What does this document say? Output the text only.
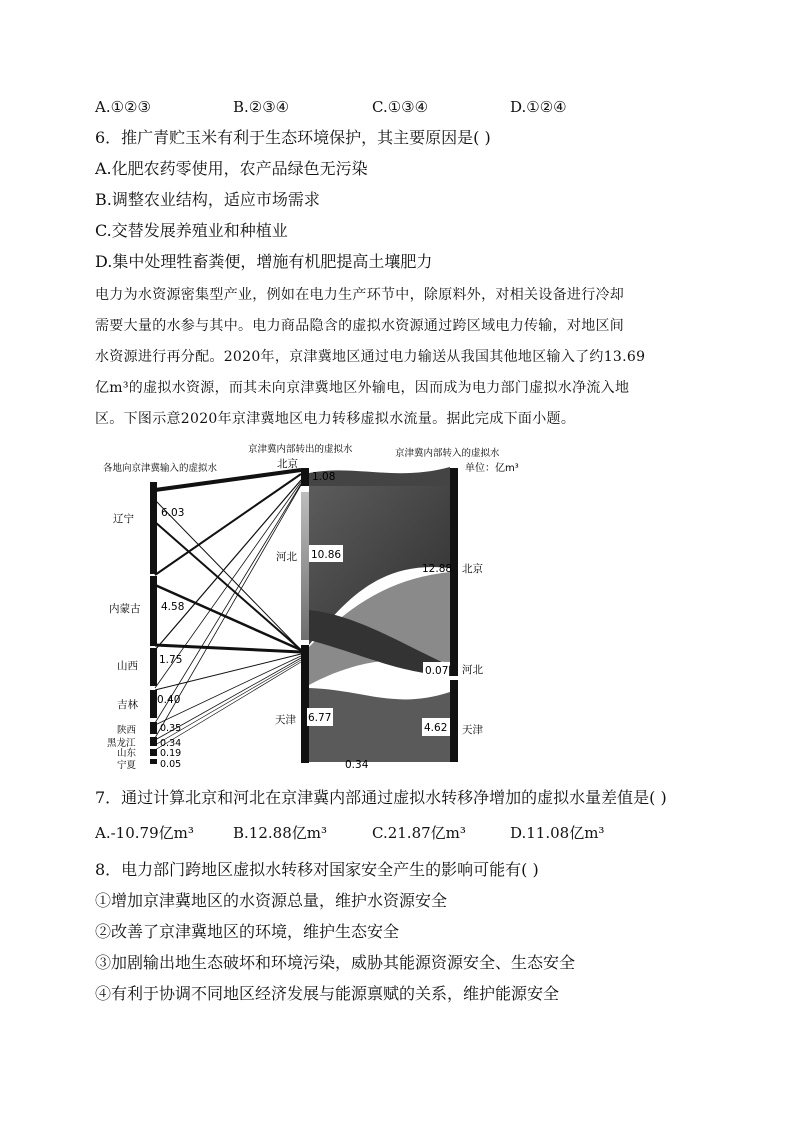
A.①②③	B.②③④	C.①③④	D.①②④
6．推广青贮玉米有利于生态环境保护，其主要原因是( )
A.化肥农药零使用，农产品绿色无污染
B.调整农业结构，适应市场需求
C.交替发展养殖业和种植业
D.集中处理牲畜粪便，增施有机肥提高土壤肥力

电力为水资源密集型产业，例如在电力生产环节中，除原料外，对相关设备进行冷却

需要大量的水参与其中。电力商品隐含的虚拟水资源通过跨区域电力传输，对地区间

水资源进行再分配。2020年，京津冀地区通过电力输送从我国其他地区输入了约13.69

亿m³的虚拟水资源，而其未向京津冀地区外输电，因而成为电力部门虚拟水净流入地

区。下图示意2020年京津冀地区电力转移虚拟水流量。据此完成下面小题。

各地向京津冀输入的虚拟水
京津冀内部转出的虚拟水	京津冀内部转入的虚拟水
单位：亿m³
辽宁	6.03
内蒙古 4.58
山西 1.75
吉林 0.40
陕西	0.35
黑龙江	0.34
山东	0.19
宁夏	0.05
北京
1.08
河北 10.86
天津 6.77
12.88 北京
0.07 河北
4.62 天津
0.34
7．通过计算北京和河北在京津冀内部通过虚拟水转移净增加的虚拟水量差值是( )
A.-10.79亿m³	B.12.88亿m³	C.21.87亿m³	D.11.08亿m³
8．电力部门跨地区虚拟水转移对国家安全产生的影响可能有( )
①增加京津冀地区的水资源总量，维护水资源安全
②改善了京津冀地区的环境，维护生态安全
③加剧输出地生态破坏和环境污染，威胁其能源资源安全、生态安全
④有利于协调不同地区经济发展与能源禀赋的关系，维护能源安全
